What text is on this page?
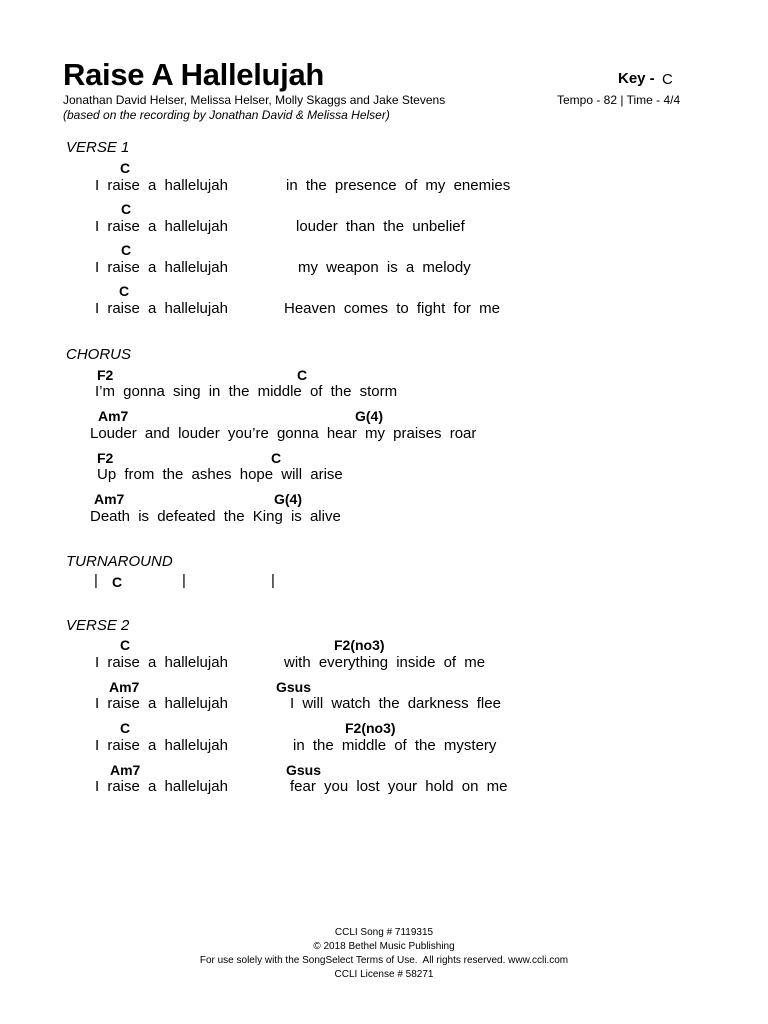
Raise A Hallelujah	Key - C
Jonathan David Helser, Melissa Helser, Molly Skaggs and Jake Stevens	Tempo - 82 | Time - 4/4
(based on the recording by Jonathan David & Melissa Helser)
VERSE 1
C
I raise a hallelujah	in the presence of my enemies
C
I raise a hallelujah	louder than the unbelief
C
I raise a hallelujah	my weapon is a melody
C
I raise a hallelujah	Heaven comes to fight for me
CHORUS
F2	C
I’m gonna sing in the middle of the storm
Am7	G(4)
Louder and louder you’re gonna hear my praises roar
F2	C
Up from the ashes hope will arise
Am7	G(4)
Death is defeated the King is alive
TURNAROUND
| C	|	|
VERSE 2
C	F2(no3)
I raise a hallelujah	with everything inside of me
Am7	Gsus
I raise a hallelujah	I will watch the darkness flee
C	F2(no3)
I raise a hallelujah	in the middle of the mystery
Am7	Gsus
I raise a hallelujah	fear you lost your hold on me
CCLI Song # 7119315
© 2018 Bethel Music Publishing
For use solely with the SongSelect Terms of Use.  All rights reserved. www.ccli.com
CCLI License # 58271
